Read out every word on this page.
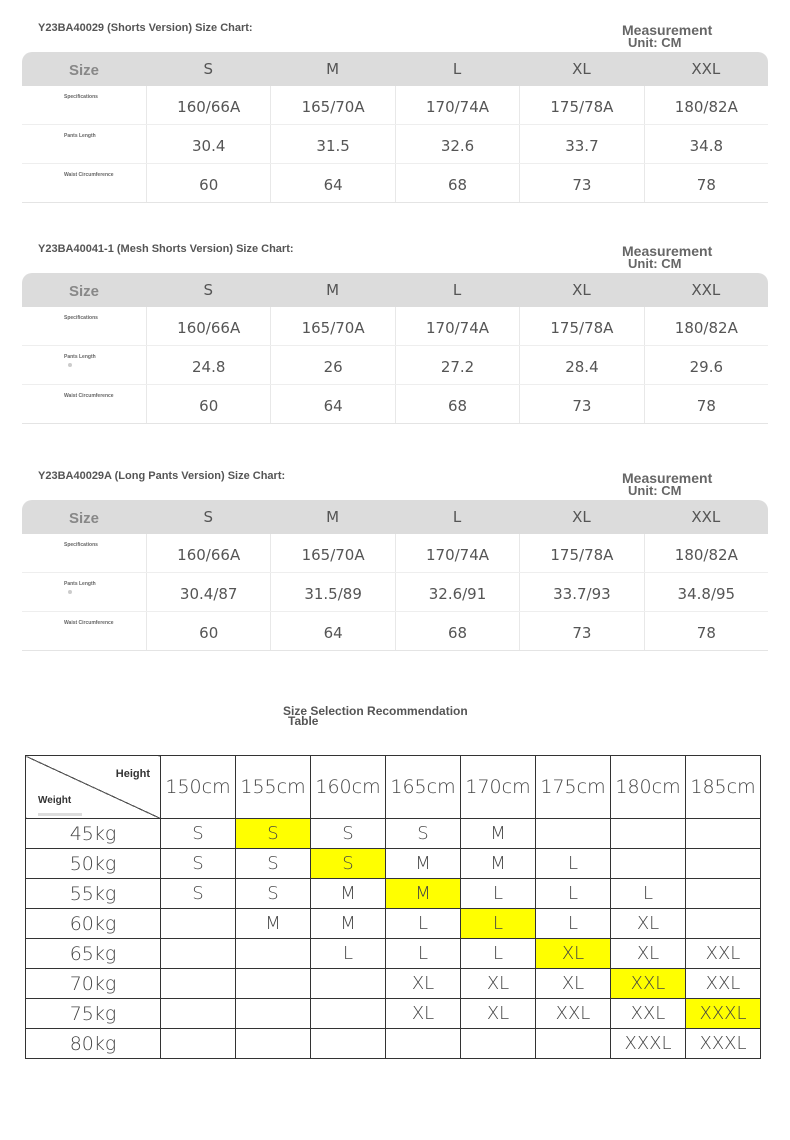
Y23BA40029 (Shorts Version) Size Chart:	Measurement
Unit: CM
Size	S	M	L	XL	XXL
Specifications
160/66A	165/70A	170/74A	175/78A	180/82A
Pants Length
30.4	31.5	32.6	33.7	34.8
Waist Circumference
60	64	68	73	78
Y23BA40041-1 (Mesh Shorts Version) Size Chart:	Measurement
Unit: CM
Size	S	M	L	XL	XXL
Specifications
160/66A	165/70A	170/74A	175/78A	180/82A
Pants Length
24.8	26	27.2	28.4	29.6
Waist Circumference
60	64	68	73	78
Y23BA40029A (Long Pants Version) Size Chart:	Measurement
Unit: CM
Size	S	M	L	XL	XXL
Specifications
160/66A	165/70A	170/74A	175/78A	180/82A
Pants Length
30.4/87	31.5/89	32.6/91	33.7/93	34.8/95
Waist Circumference
60	64	68	73	78
Size Selection Recommendation
Table
Height
Weight	150cm	155cm	160cm	165cm	170cm	175cm	180cm	185cm
45kg	S	S	S	S	M			
50kg	S	S	S	M	M	L		
55kg	S	S	M	M	L	L	L	
60kg		M	M	L	L	L	XL	
65kg			L	L	L	XL	XL	XXL
70kg				XL	XL	XL	XXL	XXL
75kg				XL	XL	XXL	XXL	XXXL
80kg							XXXL	XXXL
